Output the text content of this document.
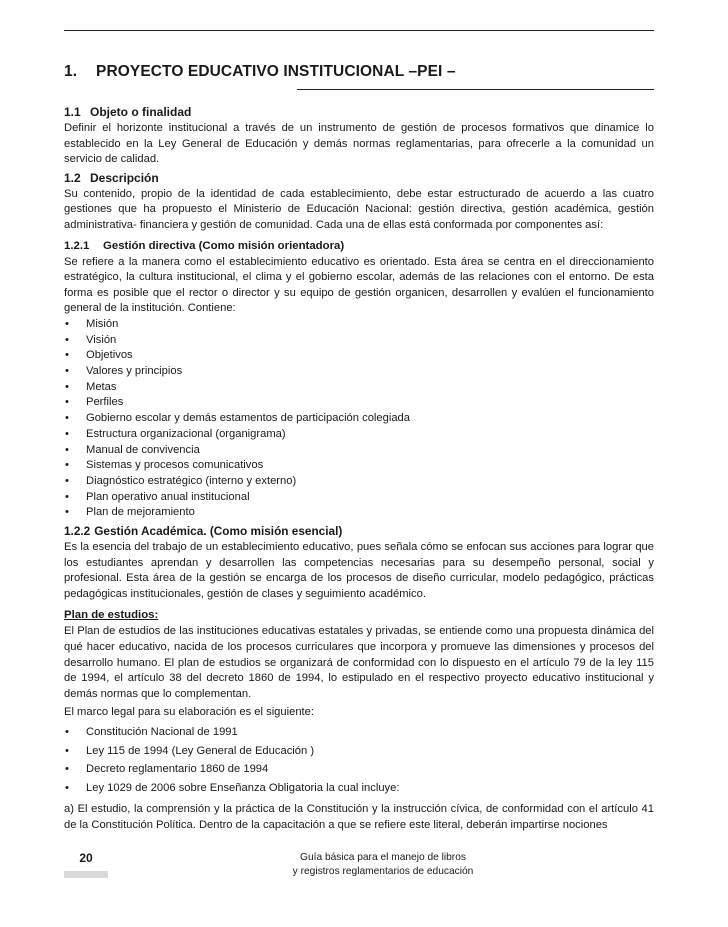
1. PROYECTO EDUCATIVO INSTITUCIONAL –PEI –
1.1 Objeto o finalidad

Definir el horizonte institucional a través de un instrumento de gestión de procesos formativos que dinamice lo establecido en la Ley General de Educación y demás normas reglamentarias, para ofrecerle a la comunidad un servicio de calidad.

1.2 Descripción

Su contenido, propio de la identidad de cada establecimiento, debe estar estructurado de acuerdo a las cuatro gestiones que ha propuesto el Ministerio de Educación Nacional: gestión directiva, gestión académica, gestión administrativa- financiera y gestión de comunidad. Cada una de ellas está conformada por componentes así:

1.2.1 Gestión directiva (Como misión orientadora)

Se refiere a la manera como el establecimiento educativo es orientado. Esta área se centra en el direccionamiento estratégico, la cultura institucional, el clima y el gobierno escolar, además de las relaciones con el entorno. De esta forma es posible que el rector o director y su equipo de gestión organicen, desarrollen y evalúen el funcionamiento general de la institución. Contiene:

• Misión
• Visión
• Objetivos
• Valores y principios
• Metas
• Perfiles
• Gobierno escolar y demás estamentos de participación colegiada
• Estructura organizacional (organigrama)
• Manual de convivencia
• Sistemas y procesos comunicativos
• Diagnóstico estratégico (interno y externo)
• Plan operativo anual institucional
• Plan de mejoramiento
1.2.2 Gestión Académica. (Como misión esencial)

Es la esencia del trabajo de un establecimiento educativo, pues señala cómo se enfocan sus acciones para lograr que los estudiantes aprendan y desarrollen las competencias necesarias para su desempeño personal, social y profesional. Esta área de la gestión se encarga de los procesos de diseño curricular, modelo pedagógico, prácticas pedagógicas institucionales, gestión de clases y seguimiento académico.

Plan de estudios:

El Plan de estudios de las instituciones educativas estatales y privadas, se entiende como una propuesta dinámica del qué hacer educativo, nacida de los procesos curriculares que incorpora y promueve las dimensiones y procesos del desarrollo humano. El plan de estudios se organizará de conformidad con lo dispuesto en el artículo 79 de la ley 115 de 1994, el artículo 38 del decreto 1860 de 1994, lo estipulado en el respectivo proyecto educativo institucional y demás normas que lo complementan.

El marco legal para su elaboración es el siguiente:

• Constitución Nacional de 1991
• Ley 115 de 1994 (Ley General de Educación )
• Decreto reglamentario 1860 de 1994
• Ley 1029 de 2006 sobre Enseñanza Obligatoria la cual incluye:

a) El estudio, la comprensión y la práctica de la Constitución y la instrucción cívica, de conformidad con el artículo 41 de la Constitución Política. Dentro de la capacitación a que se refiere este literal, deberán impartirse nociones

20	Guía básica para el manejo de libros
y registros reglamentarios de educación
